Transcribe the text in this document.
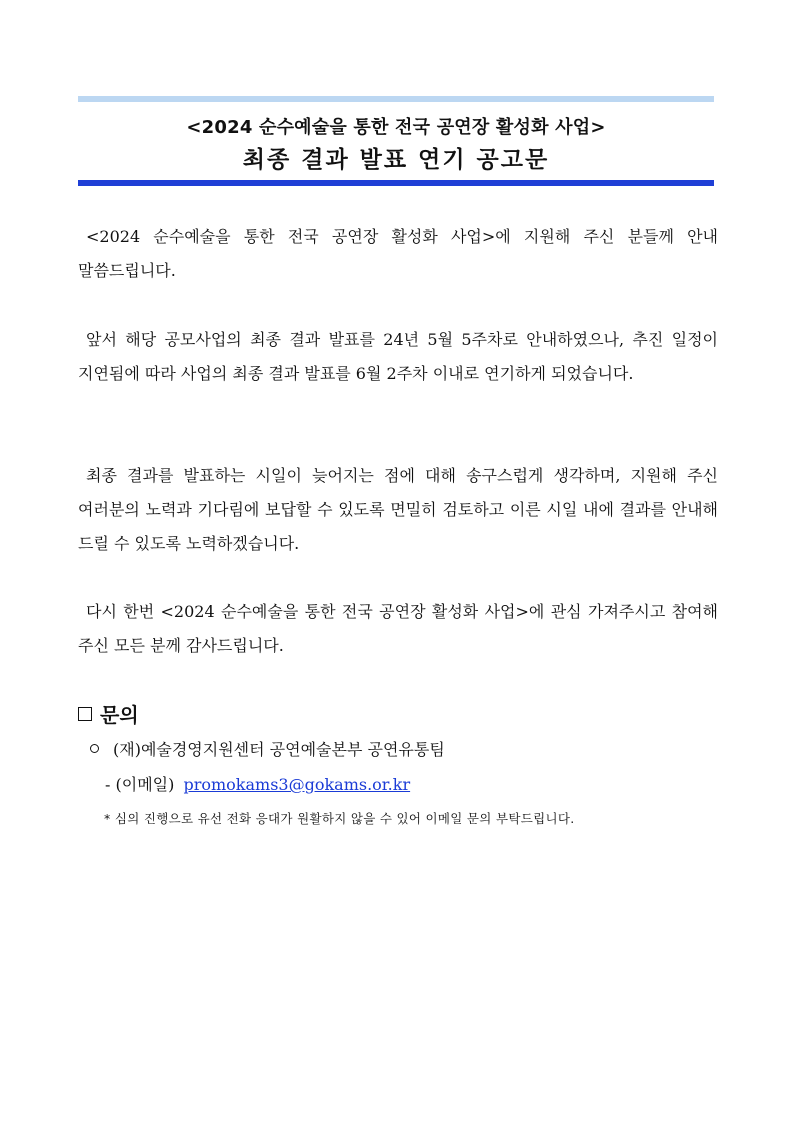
<2024 순수예술을 통한 전국 공연장 활성화 사업>
최종 결과 발표 연기 공고문
<2024 순수예술을 통한 전국 공연장 활성화 사업>에 지원해 주신 분들께 안내 말씀드립니다.
앞서 해당 공모사업의 최종 결과 발표를 24년 5월 5주차로 안내하였으나, 추진 일정이 지연됨에 따라 사업의 최종 결과 발표를 6월 2주차 이내로 연기하게 되었습니다.
최종 결과를 발표하는 시일이 늦어지는 점에 대해 송구스럽게 생각하며, 지원해 주신 여러분의 노력과 기다림에 보답할 수 있도록 면밀히 검토하고 이른 시일 내에 결과를 안내해 드릴 수 있도록 노력하겠습니다.
다시 한번 <2024 순수예술을 통한 전국 공연장 활성화 사업>에 관심 가져주시고 참여해 주신 모든 분께 감사드립니다.
문의
(재)예술경영지원센터 공연예술본부 공연유통팀
- (이메일) promokams3@gokams.or.kr
* 심의 진행으로 유선 전화 응대가 원활하지 않을 수 있어 이메일 문의 부탁드립니다.
